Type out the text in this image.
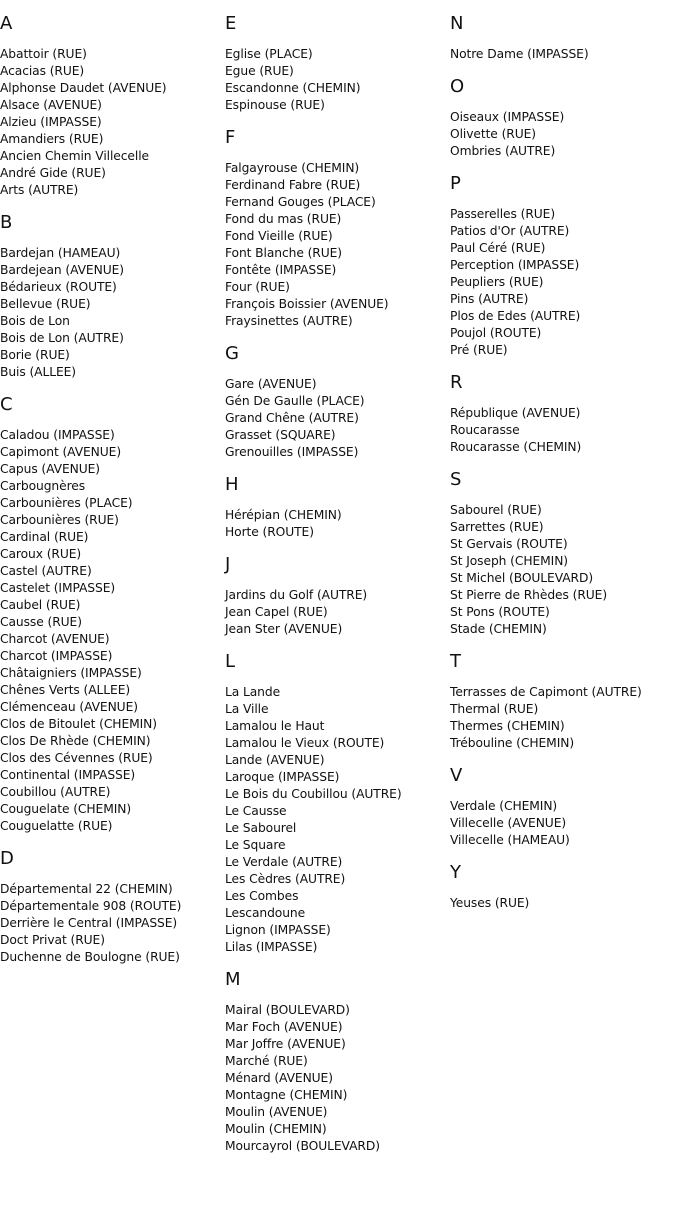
A
Abattoir (RUE)
Acacias (RUE)
Alphonse Daudet (AVENUE)
Alsace (AVENUE)
Alzieu (IMPASSE)
Amandiers (RUE)
Ancien Chemin Villecelle
André Gide (RUE)
Arts (AUTRE)
B
Bardejan (HAMEAU)
Bardejean (AVENUE)
Bédarieux (ROUTE)
Bellevue (RUE)
Bois de Lon
Bois de Lon (AUTRE)
Borie (RUE)
Buis (ALLEE)
C
Caladou (IMPASSE)
Capimont (AVENUE)
Capus (AVENUE)
Carbougnères
Carbounières (PLACE)
Carbounières (RUE)
Cardinal (RUE)
Caroux (RUE)
Castel (AUTRE)
Castelet (IMPASSE)
Caubel (RUE)
Causse (RUE)
Charcot (AVENUE)
Charcot (IMPASSE)
Châtaigniers (IMPASSE)
Chênes Verts (ALLEE)
Clémenceau (AVENUE)
Clos de Bitoulet (CHEMIN)
Clos De Rhède (CHEMIN)
Clos des Cévennes (RUE)
Continental (IMPASSE)
Coubillou (AUTRE)
Couguelate (CHEMIN)
Couguelatte (RUE)
D
Départemental 22 (CHEMIN)
Départementale 908 (ROUTE)
Derrière le Central (IMPASSE)
Doct Privat (RUE)
Duchenne de Boulogne (RUE)
E
Eglise (PLACE)
Egue (RUE)
Escandonne (CHEMIN)
Espinouse (RUE)
F
Falgayrouse (CHEMIN)
Ferdinand Fabre (RUE)
Fernand Gouges (PLACE)
Fond du mas (RUE)
Fond Vieille (RUE)
Font Blanche (RUE)
Fontête (IMPASSE)
Four (RUE)
François Boissier (AVENUE)
Fraysinettes (AUTRE)
G
Gare (AVENUE)
Gén De Gaulle (PLACE)
Grand Chêne (AUTRE)
Grasset (SQUARE)
Grenouilles (IMPASSE)
H
Hérépian (CHEMIN)
Horte (ROUTE)
J
Jardins du Golf (AUTRE)
Jean Capel (RUE)
Jean Ster (AVENUE)
L
La Lande
La Ville
Lamalou le Haut
Lamalou le Vieux (ROUTE)
Lande (AVENUE)
Laroque (IMPASSE)
Le Bois du Coubillou (AUTRE)
Le Causse
Le Sabourel
Le Square
Le Verdale (AUTRE)
Les Cèdres (AUTRE)
Les Combes
Lescandoune
Lignon (IMPASSE)
Lilas (IMPASSE)
M
Mairal (BOULEVARD)
Mar Foch (AVENUE)
Mar Joffre (AVENUE)
Marché (RUE)
Ménard (AVENUE)
Montagne (CHEMIN)
Moulin (AVENUE)
Moulin (CHEMIN)
Mourcayrol (BOULEVARD)
N
Notre Dame (IMPASSE)
O
Oiseaux (IMPASSE)
Olivette (RUE)
Ombries (AUTRE)
P
Passerelles (RUE)
Patios d'Or (AUTRE)
Paul Céré (RUE)
Perception (IMPASSE)
Peupliers (RUE)
Pins (AUTRE)
Plos de Edes (AUTRE)
Poujol (ROUTE)
Pré (RUE)
R
République (AVENUE)
Roucarasse
Roucarasse (CHEMIN)
S
Sabourel (RUE)
Sarrettes (RUE)
St Gervais (ROUTE)
St Joseph (CHEMIN)
St Michel (BOULEVARD)
St Pierre de Rhèdes (RUE)
St Pons (ROUTE)
Stade (CHEMIN)
T
Terrasses de Capimont (AUTRE)
Thermal (RUE)
Thermes (CHEMIN)
Trébouline (CHEMIN)
V
Verdale (CHEMIN)
Villecelle (AVENUE)
Villecelle (HAMEAU)
Y
Yeuses (RUE)
